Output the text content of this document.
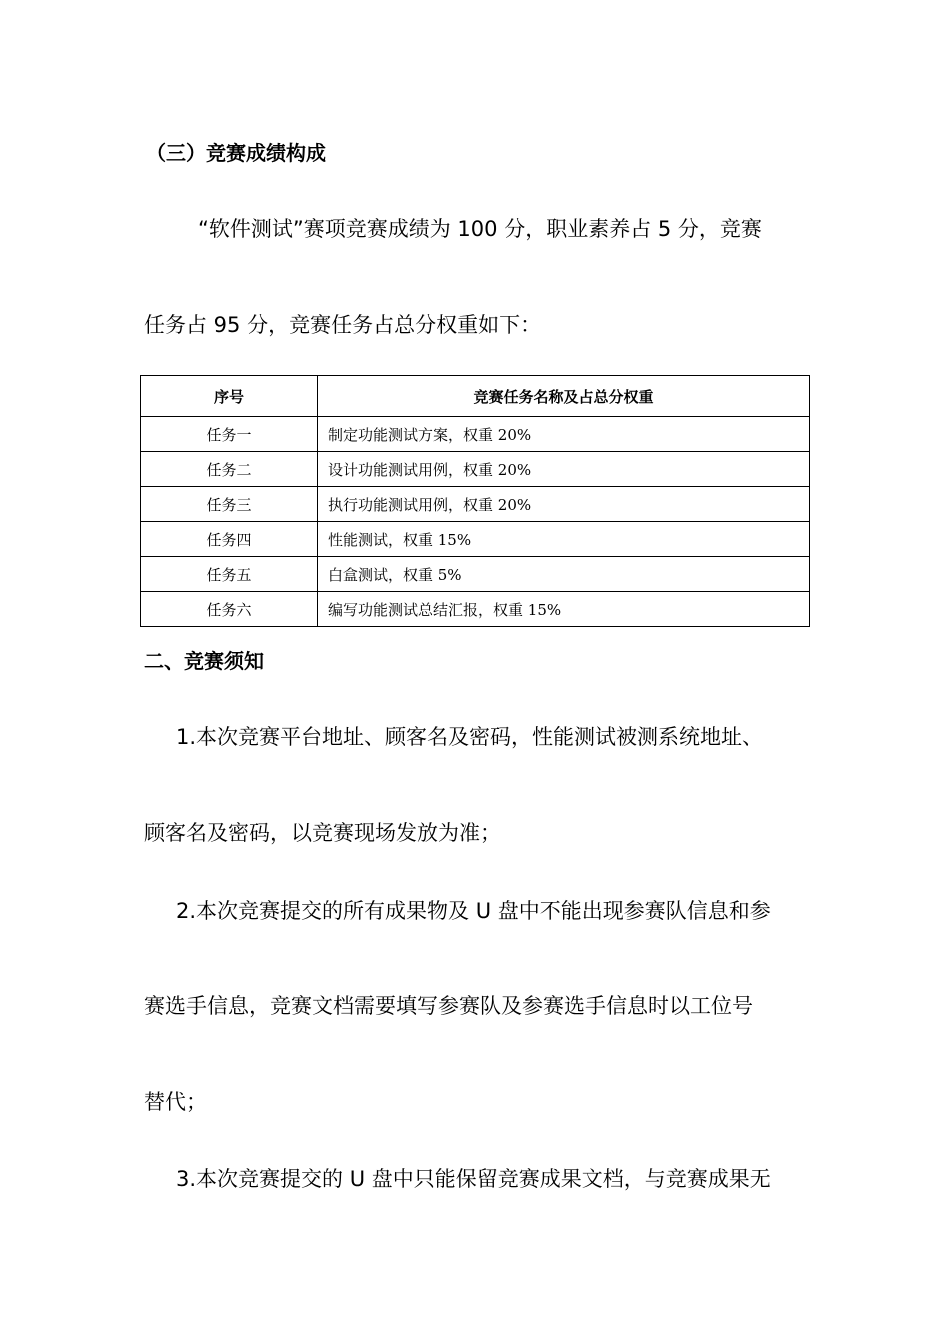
（三）竞赛成绩构成
“软件测试”赛项竞赛成绩为 100 分，职业素养占 5 分，竞赛
任务占 95 分，竞赛任务占总分权重如下：
序号	竞赛任务名称及占总分权重
任务一	制定功能测试方案，权重 20%
任务二	设计功能测试用例，权重 20%
任务三	执行功能测试用例，权重 20%
任务四	性能测试，权重 15%
任务五	白盒测试，权重 5%
任务六	编写功能测试总结汇报，权重 15%
二、竞赛须知
1.本次竞赛平台地址、顾客名及密码，性能测试被测系统地址、
顾客名及密码，以竞赛现场发放为准；
2.本次竞赛提交的所有成果物及 U 盘中不能出现参赛队信息和参
赛选手信息，竞赛文档需要填写参赛队及参赛选手信息时以工位号
替代；
3.本次竞赛提交的 U 盘中只能保留竞赛成果文档，与竞赛成果无
